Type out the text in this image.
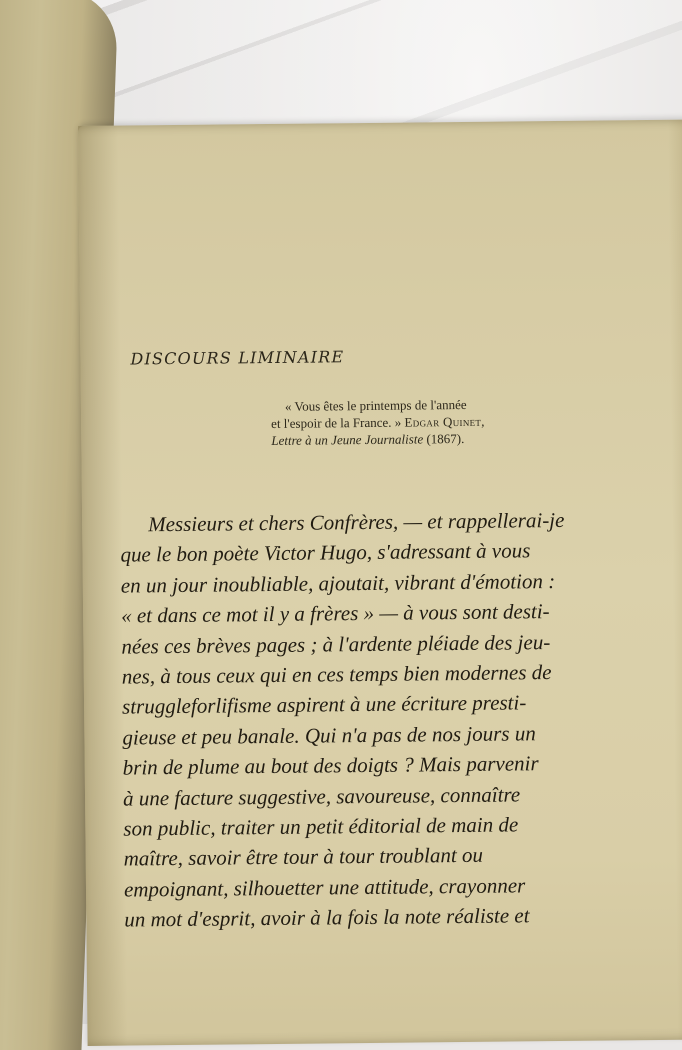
DISCOURS LIMINAIRE
« Vous êtes le printemps de l'année
et l'espoir de la France. » Edgar Quinet,
Lettre à un Jeune Journaliste (1867).
Messieurs et chers Confrères, — et rappellerai-je
que le bon poète Victor Hugo, s'adressant à vous
en un jour inoubliable, ajoutait, vibrant d'émotion :
« et dans ce mot il y a frères » — à vous sont desti-
nées ces brèves pages ; à l'ardente pléiade des jeu-
nes, à tous ceux qui en ces temps bien modernes de
struggleforlifisme aspirent à une écriture presti-
gieuse et peu banale. Qui n'a pas de nos jours un
brin de plume au bout des doigts ? Mais parvenir
à une facture suggestive, savoureuse, connaître
son public, traiter un petit éditorial de main de
maître, savoir être tour à tour troublant ou
empoignant, silhouetter une attitude, crayonner
un mot d'esprit, avoir à la fois la note réaliste et
